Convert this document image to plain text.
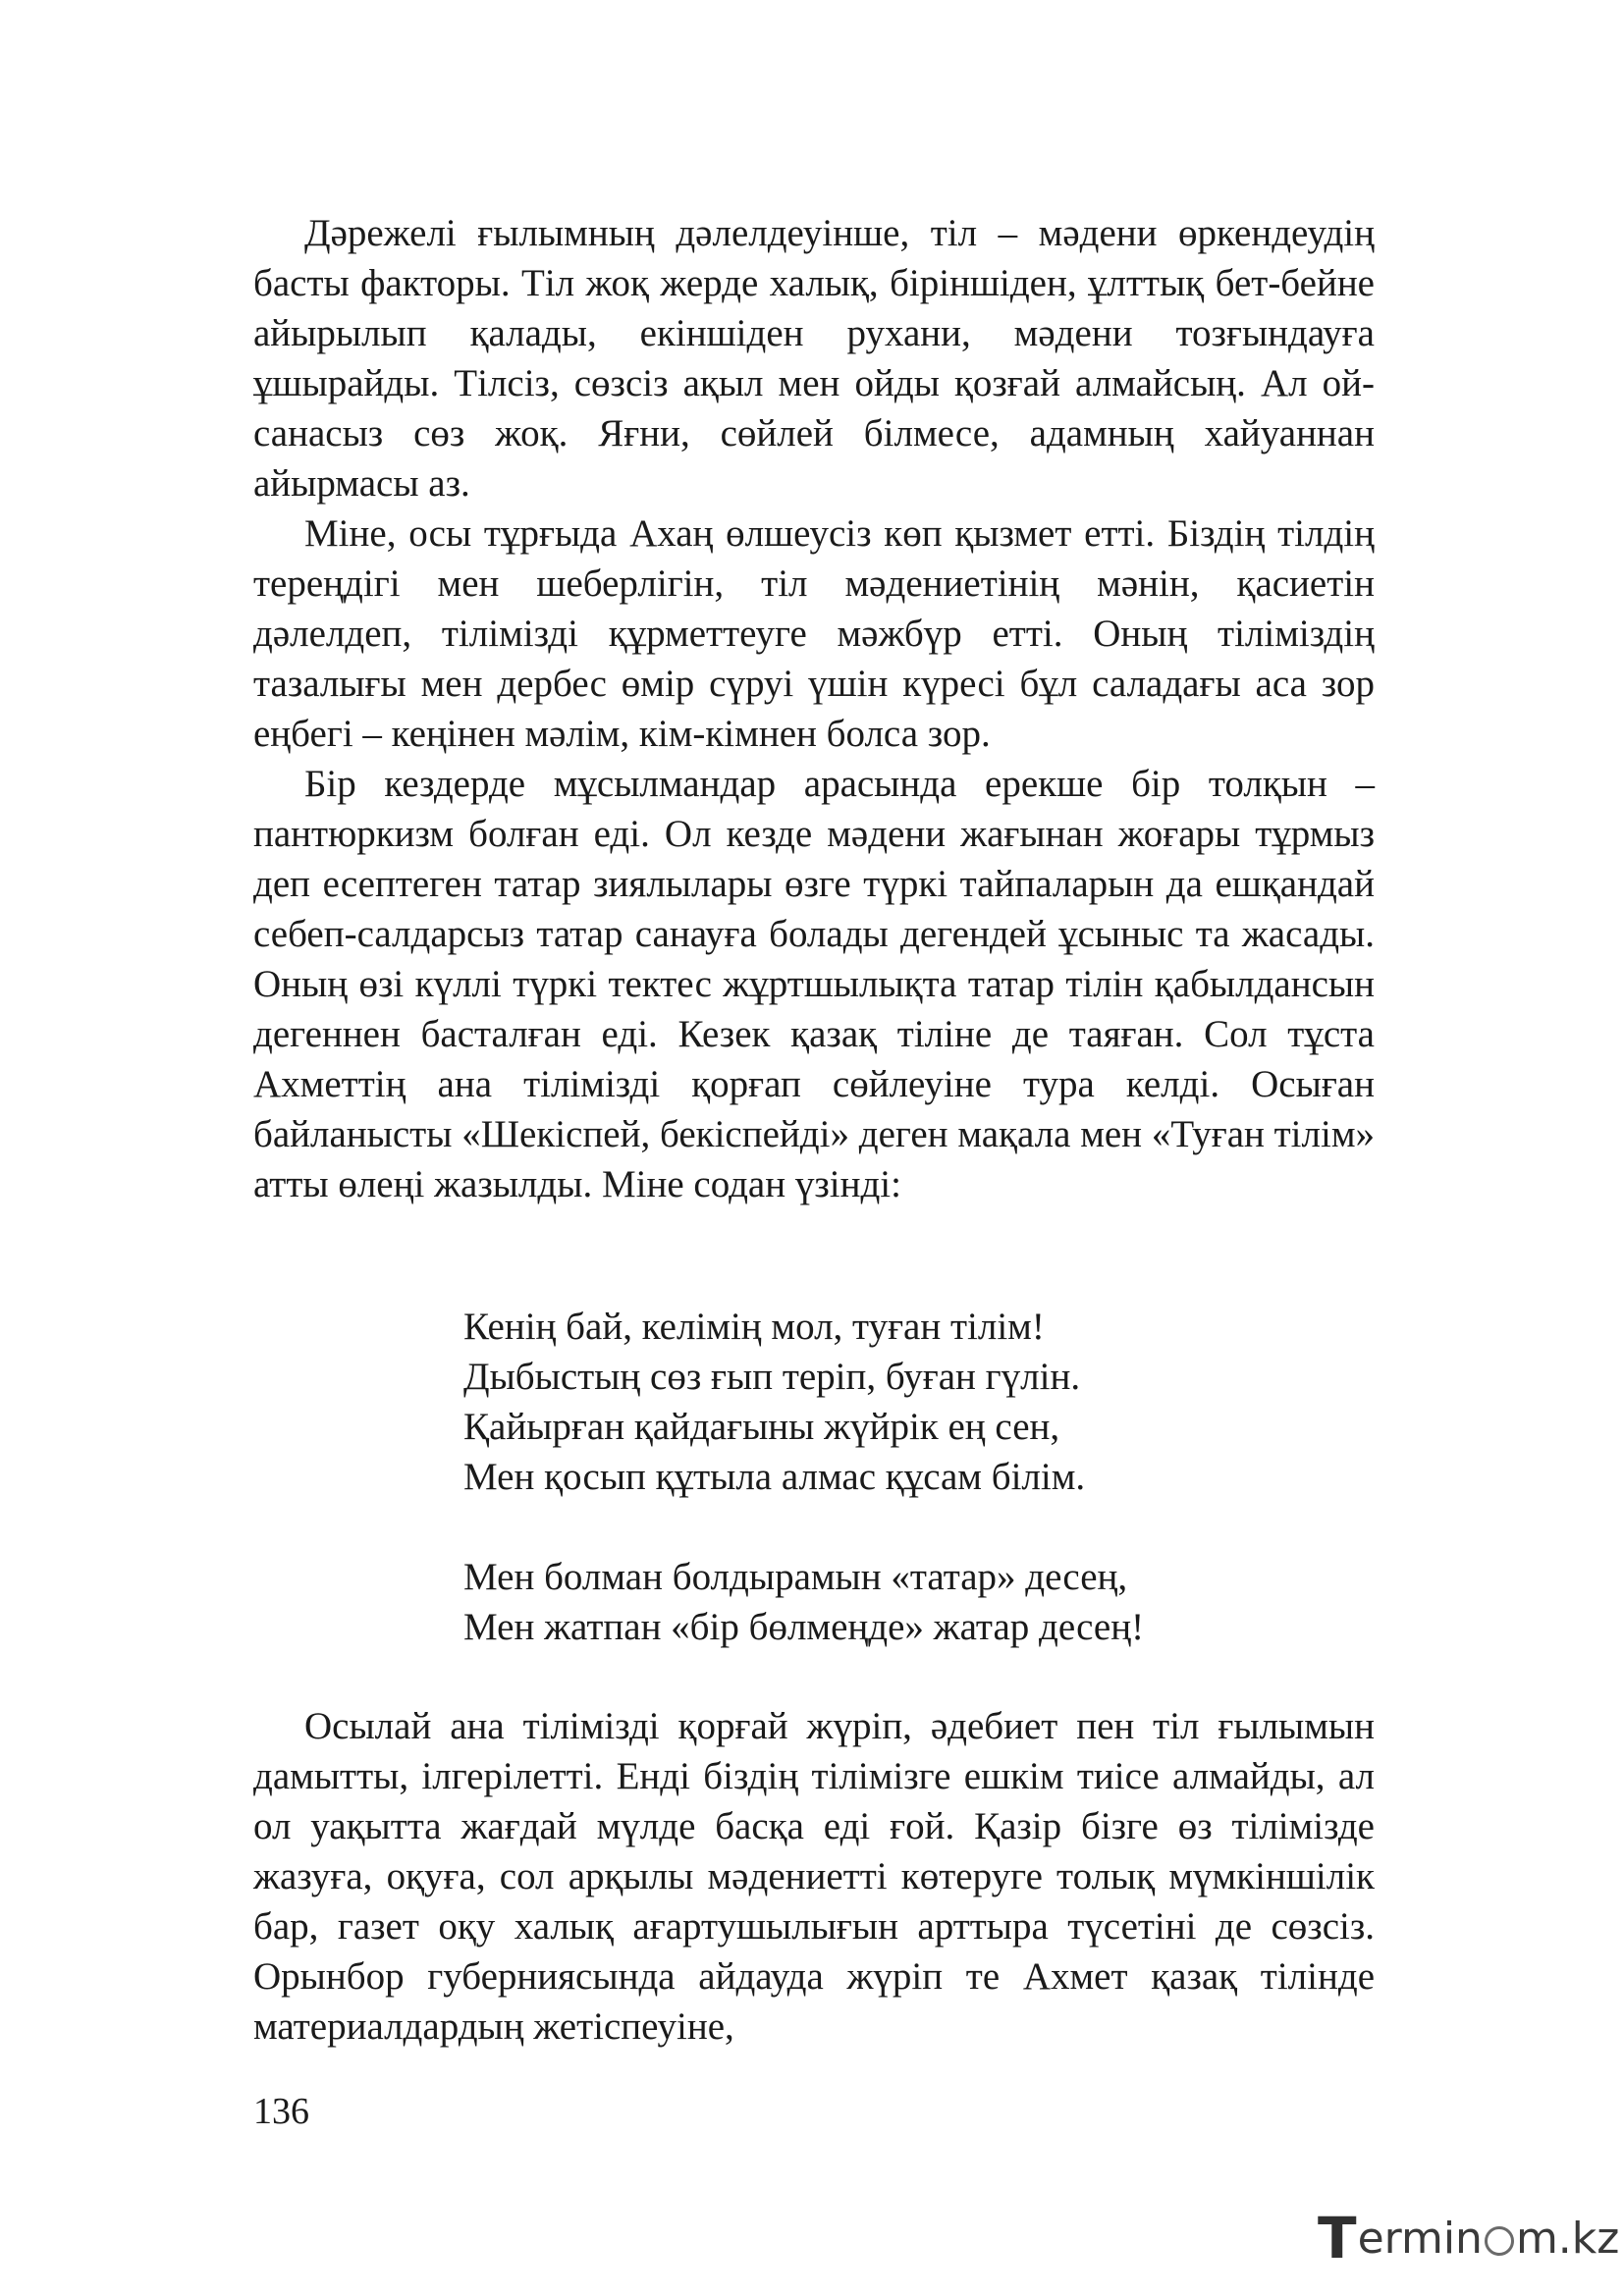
Дәрежелі ғылымның дәлелдеуінше, тіл – мәдени өркендеудің басты факторы. Тіл жоқ жерде халық, біріншіден, ұлттық бет-бейне айырылып қалады, екіншіден рухани, мәдени тозғындауға ұшырайды. Тілсіз, сөзсіз ақыл мен ойды қозғай алмайсың. Ал ой-санасыз сөз жоқ. Яғни, сөйлей білмесе, адамның хайуаннан айырмасы аз.

Міне, осы тұрғыда Ахаң өлшеусіз көп қызмет етті. Біздің тілдің тереңдігі мен шеберлігін, тіл мәдениетінің мәнін, қасиетін дәлелдеп, тілімізді құрметтеуге мәжбүр етті. Оның тіліміздің тазалығы мен дербес өмір сүруі үшін күресі бұл саладағы аса зор еңбегі – кеңінен мәлім, кім-кімнен болса зор.

Бір кездерде мұсылмандар арасында ерекше бір толқын – пантюркизм болған еді. Ол кезде мәдени жағынан жоғары тұрмыз деп есептеген татар зиялылары өзге түркі тайпаларын да ешқандай себеп-салдарсыз татар санауға болады дегендей ұсыныс та жасады. Оның өзі күллі түркі тектес жұртшылықта татар тілін қабылдансын дегеннен басталған еді. Кезек қазақ тіліне де таяған. Сол тұста Ахметтің ана тілімізді қорғап сөйлеуіне тура келді. Осыған байланысты «Шекіспей, бекіспейді» деген мақала мен «Туған тілім» атты өлеңі жазылды. Міне содан үзінді:

Кенің бай, келімің мол, туған тілім!
Дыбыстың сөз ғып теріп, буған гүлін.
Қайырған қайдағыны жүйрік ең сен,
Мен қосып құтыла алмас құсам білім.
Мен болман болдырамын «татар» десең,
Мен жатпан «бір бөлмеңде» жатар десең!

Осылай ана тілімізді қорғай жүріп, әдебиет пен тіл ғылымын дамытты, ілгерілетті. Енді біздің тілімізге ешкім тиісе алмайды, ал ол уақытта жағдай мүлде басқа еді ғой. Қазір бізге өз тілімізде жазуға, оқуға, сол арқылы мәдениетті көтеруге толық мүмкіншілік бар, газет оқу халық ағартушылығын арттыра түсетіні де сөзсіз. Орынбор губерниясында айдауда жүріп те Ахмет қазақ тілінде материалдардың жетіспеуіне,

136
T ermin m.kz
